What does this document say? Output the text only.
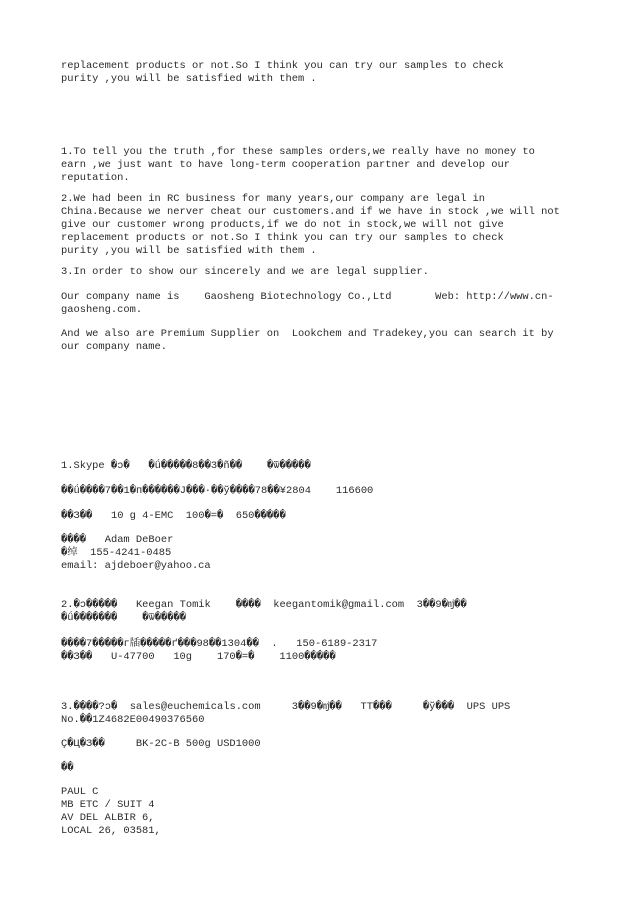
replacement products or not.So I think you can try our samples to check
purity ,you will be satisfied with them .

1.To tell you the truth ,for these samples orders,we really have no money to
earn ,we just want to have long-term cooperation partner and develop our
reputation.

2.We had been in RC business for many years,our company are legal in
China.Because we nerver cheat our customers.and if we have in stock ,we will not
give our customer wrong products,if we do not in stock,we will not give
replacement products or not.So I think you can try our samples to check
purity ,you will be satisfied with them .

3.In order to show our sincerely and we are legal supplier.

Our company name is    Gaosheng Biotechnology Co.,Ltd       Web: http://www.cn-
gaosheng.com.

And we also are Premium Supplier on  Lookchem and Tradekey,you can search it by
our company name.

1.Skype �ɔ�   �ǘ�����8��3�ñ��    �ѿ�����

��ǘ����7��1�п������Ј���·��ў����78��¥2804    116600

��З��   10 g 4-EMC  100�=�  650�����

����   Adam DeBoer
�绰  155-4241-0485
email: ajdeboer@yahoo.ca

2.�ɔ�����   Keegan Tomik    ����  keegantomik@gmail.com  3��9�ǌ��
�ǘ�������    �ѿ�����

����7�����г牐�����ґ���98��1304��  .   150-6189-2317
��З��   U-47700   10g    170�=�    1100�����

3.����?ɔ�  sales@euchemicals.com     3��9�ǌ��   TT���     �ў���  UPS UPS
No.��1Z4682E00490376560

Ç�Ц�З��     BK-2C-B 500g USD1000

��

PAUL C
MB ETC / SUIT 4
AV DEL ALBIR 6,
LOCAL 26, 03581,
